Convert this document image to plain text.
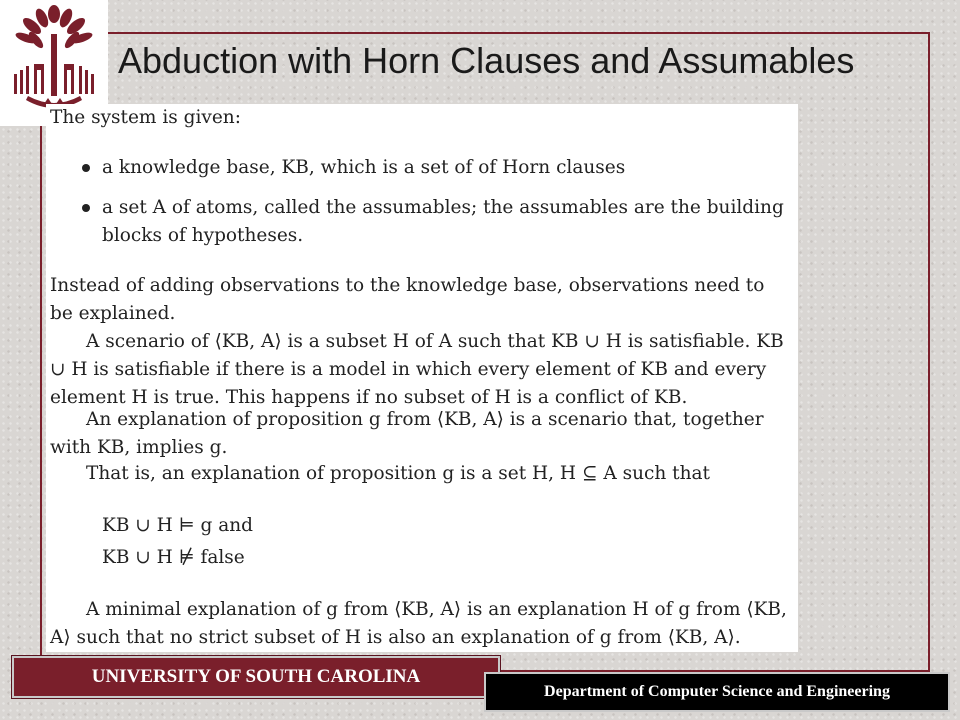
Abduction with Horn Clauses and Assumables

The system is given:

a knowledge base, KB, which is a set of of Horn clauses
a set A of atoms, called the assumables; the assumables are the building blocks of hypotheses.

Instead of adding observations to the knowledge base, observations need to be explained.

A scenario of ⟨KB, A⟩ is a subset H of A such that KB ∪ H is satisfiable. KB ∪ H is satisfiable if there is a model in which every element of KB and every element H is true. This happens if no subset of H is a conflict of KB.

An explanation of proposition g from ⟨KB, A⟩ is a scenario that, together with KB, implies g.

That is, an explanation of proposition g is a set H, H ⊆ A such that

KB ∪ H ⊨ g and
KB ∪ H ⊭ false

A minimal explanation of g from ⟨KB, A⟩ is an explanation H of g from ⟨KB, A⟩ such that no strict subset of H is also an explanation of g from ⟨KB, A⟩.

UNIVERSITY OF SOUTH CAROLINA
Department of Computer Science and Engineering
